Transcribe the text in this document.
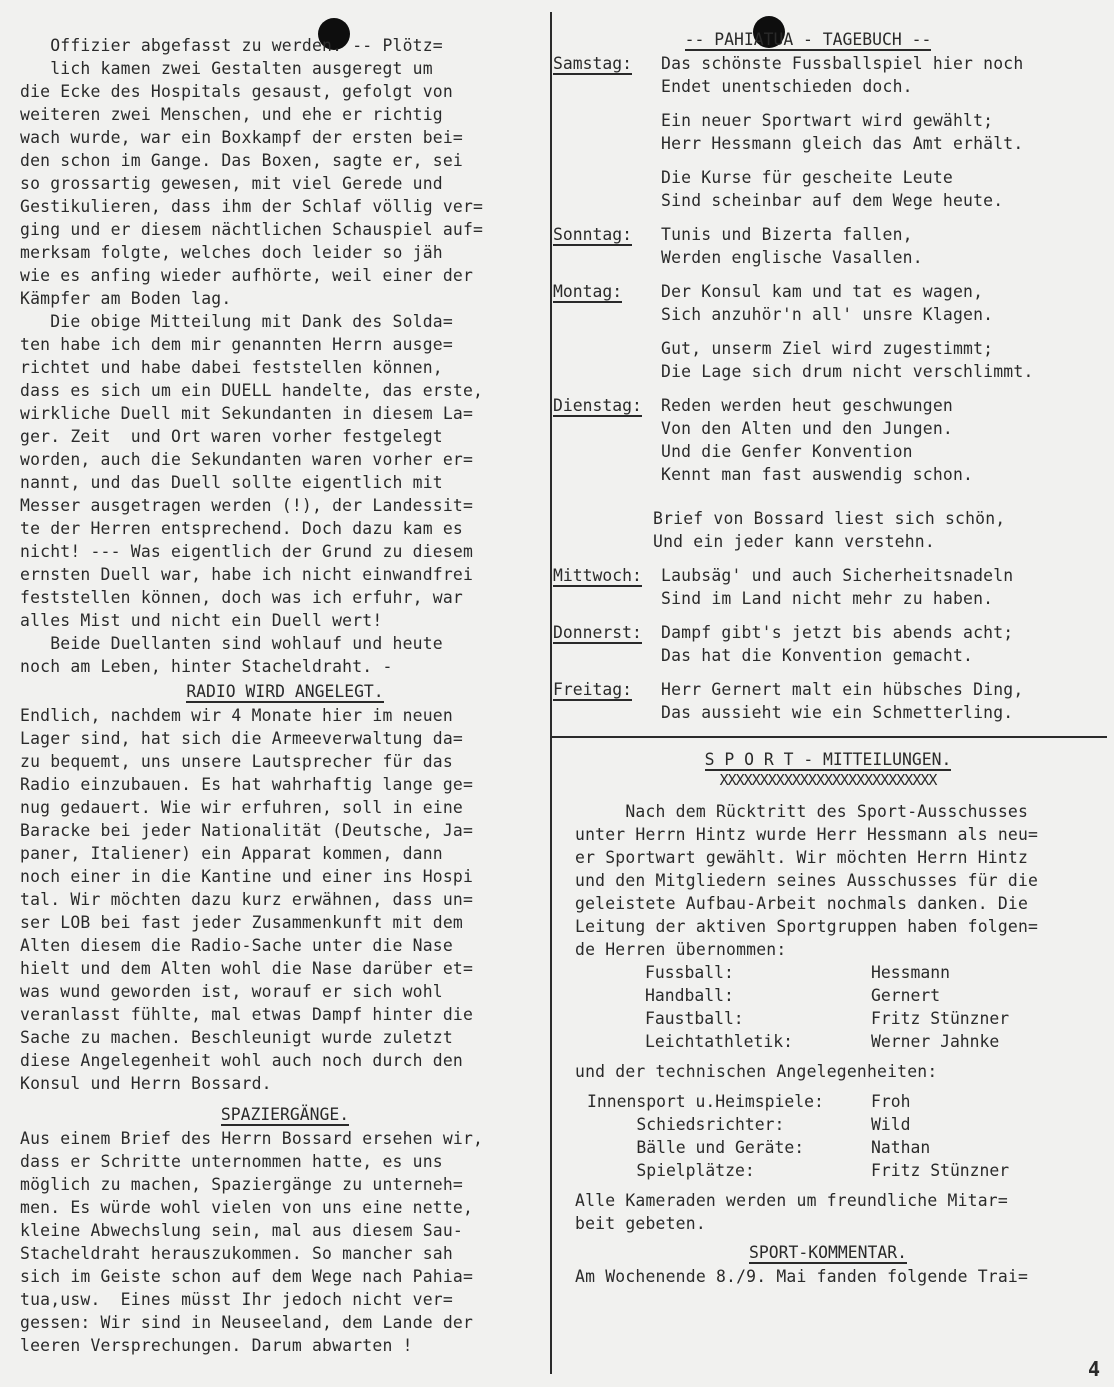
Offizier abgefasst zu werden. -- Plötz=
lich kamen zwei Gestalten ausgeregt um
die Ecke des Hospitals gesaust, gefolgt von
weiteren zwei Menschen, und ehe er richtig
wach wurde, war ein Boxkampf der ersten bei=
den schon im Gange. Das Boxen, sagte er, sei
so grossartig gewesen, mit viel Gerede und
Gestikulieren, dass ihm der Schlaf völlig ver=
ging und er diesem nächtlichen Schauspiel auf=
merksam folgte, welches doch leider so jäh
wie es anfing wieder aufhörte, weil einer der
Kämpfer am Boden lag.
Die obige Mitteilung mit Dank des Solda=
ten habe ich dem mir genannten Herrn ausge=
richtet und habe dabei feststellen können,
dass es sich um ein DUELL handelte, das erste,
wirkliche Duell mit Sekundanten in diesem La=
ger. Zeit  und Ort waren vorher festgelegt
worden, auch die Sekundanten waren vorher er=
nannt, und das Duell sollte eigentlich mit
Messer ausgetragen werden (!), der Landessit=
te der Herren entsprechend. Doch dazu kam es
nicht! --- Was eigentlich der Grund zu diesem
ernsten Duell war, habe ich nicht einwandfrei
feststellen können, doch was ich erfuhr, war
alles Mist und nicht ein Duell wert!
Beide Duellanten sind wohlauf und heute
noch am Leben, hinter Stacheldraht. -
RADIO WIRD ANGELEGT.
Endlich, nachdem wir 4 Monate hier im neuen
Lager sind, hat sich die Armeeverwaltung da=
zu bequemt, uns unsere Lautsprecher für das
Radio einzubauen. Es hat wahrhaftig lange ge=
nug gedauert. Wie wir erfuhren, soll in eine
Baracke bei jeder Nationalität (Deutsche, Ja=
paner, Italiener) ein Apparat kommen, dann
noch einer in die Kantine und einer ins Hospi
tal. Wir möchten dazu kurz erwähnen, dass un=
ser LOB bei fast jeder Zusammenkunft mit dem
Alten diesem die Radio-Sache unter die Nase
hielt und dem Alten wohl die Nase darüber et=
was wund geworden ist, worauf er sich wohl
veranlasst fühlte, mal etwas Dampf hinter die
Sache zu machen. Beschleunigt wurde zuletzt
diese Angelegenheit wohl auch noch durch den
Konsul und Herrn Bossard.
SPAZIERGÄNGE.
Aus einem Brief des Herrn Bossard ersehen wir,
dass er Schritte unternommen hatte, es uns
möglich zu machen, Spaziergänge zu unterneh=
men. Es würde wohl vielen von uns eine nette,
kleine Abwechslung sein, mal aus diesem Sau-
Stacheldraht herauszukommen. So mancher sah
sich im Geiste schon auf dem Wege nach Pahia=
tua,usw.  Eines müsst Ihr jedoch nicht ver=
gessen: Wir sind in Neuseeland, dem Lande der
leeren Versprechungen. Darum abwarten !
-- PAHIATUA - TAGEBUCH --
Samstag:	Das schönste Fussballspiel hier noch
Endet unentschieden doch.
Ein neuer Sportwart wird gewählt;
Herr Hessmann gleich das Amt erhält.
Die Kurse für gescheite Leute
Sind scheinbar auf dem Wege heute.
Sonntag:	Tunis und Bizerta fallen,
Werden englische Vasallen.
Montag:	Der Konsul kam und tat es wagen,
Sich anzuhör'n all' unsre Klagen.
Gut, unserm Ziel wird zugestimmt;
Die Lage sich drum nicht verschlimmt.
Dienstag:	Reden werden heut geschwungen
Von den Alten und den Jungen.
Und die Genfer Konvention
Kennt man fast auswendig schon.
Brief von Bossard liest sich schön,
Und ein jeder kann verstehn.
Mittwoch:	Laubsäg' und auch Sicherheitsnadeln
Sind im Land nicht mehr zu haben.
Donnerst:	Dampf gibt's jetzt bis abends acht;
Das hat die Konvention gemacht.
Freitag:	Herr Gernert malt ein hübsches Ding,
Das aussieht wie ein Schmetterling.
S P O R T - MITTEILUNGEN.
XXXXXXXXXXXXXXXXXXXXXXXXXXX
Nach dem Rücktritt des Sport-Ausschusses
unter Herrn Hintz wurde Herr Hessmann als neu=
er Sportwart gewählt. Wir möchten Herrn Hintz
und den Mitgliedern seines Ausschusses für die
geleistete Aufbau-Arbeit nochmals danken. Die
Leitung der aktiven Sportgruppen haben folgen=
de Herren übernommen:
Fussball:	Hessmann
Handball:	Gernert
Faustball:	Fritz Stünzner
Leichtathletik:	Werner Jahnke
und der technischen Angelegenheiten:
Innensport u.Heimspiele:	Froh
Schiedsrichter:	Wild
Bälle und Geräte:	Nathan
Spielplätze:	Fritz Stünzner
Alle Kameraden werden um freundliche Mitar=
beit gebeten.
SPORT-KOMMENTAR.
Am Wochenende 8./9. Mai fanden folgende Trai=
4
